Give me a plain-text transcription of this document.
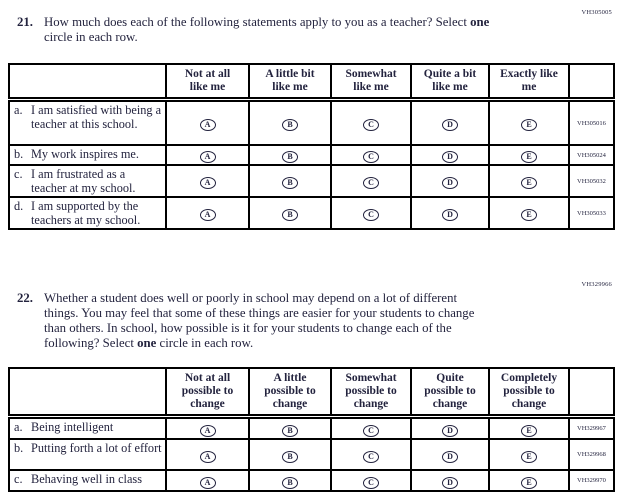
VH305005
21. How much does each of the following statements apply to you as a teacher? Select one
circle in each row.

	Not at all
like me	A little bit
like me	Somewhat
like me	Quite a bit
like me	Exactly like
me	

a. I am satisfied with being a teacher at this school.	A	B	C	D	E	VH305016

b. My work inspires me.	A	B	C	D	E	VH305024

c. I am frustrated as a teacher at my school.	A	B	C	D	E	VH305032

d. I am supported by the teachers at my school.	A	B	C	D	E	VH305033
VH329966
22. Whether a student does well or poorly in school may depend on a lot of different
things. You may feel that some of these things are easier for your students to change
than others. In school, how possible is it for your students to change each of the
following? Select one circle in each row.

	Not at all
possible to
change	A little
possible to
change	Somewhat
possible to
change	Quite
possible to
change	Completely
possible to
change	

a. Being intelligent	A	B	C	D	E	VH329967

b. Putting forth a lot of effort	A	B	C	D	E	VH329968

c. Behaving well in class	A	B	C	D	E	VH329970
